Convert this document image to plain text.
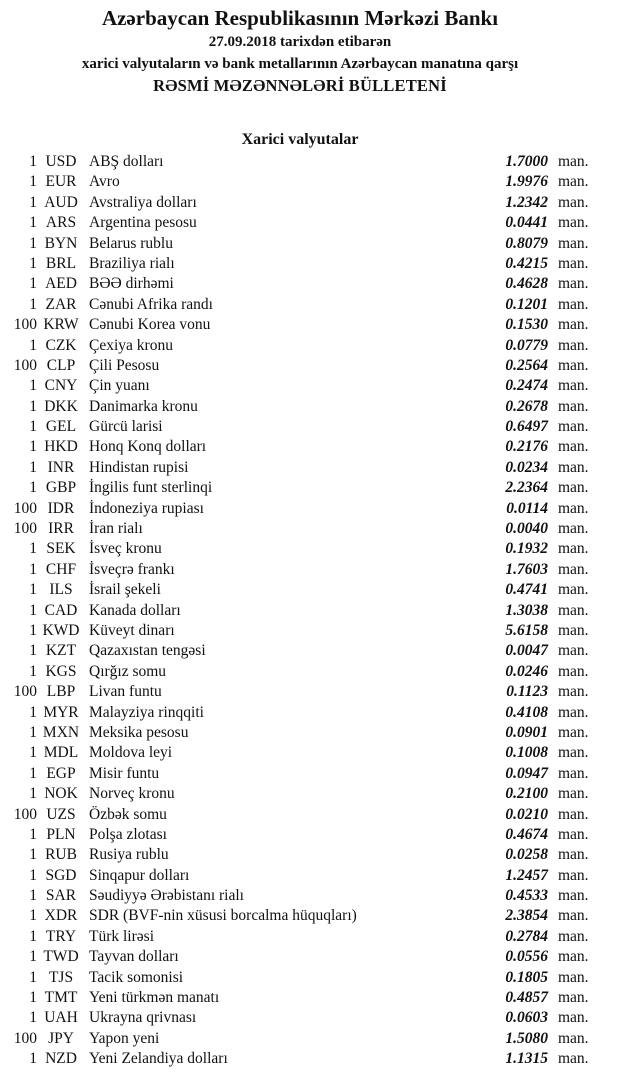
Azərbaycan Respublikasının Mərkəzi Bankı
27.09.2018 tarixdən etibarən
xarici valyutaların və bank metallarının Azərbaycan manatına qarşı
RƏSMİ MƏZƏNNƏLƏRİ BÜLLETENİ
Xarici valyutalar
1 USD ABŞ dolları	1.7000 man.
1 EUR Avro	1.9976 man.
1 AUD Avstraliya dolları	1.2342 man.
1 ARS Argentina pesosu	0.0441 man.
1 BYN Belarus rublu	0.8079 man.
1 BRL Braziliya rialı	0.4215 man.
1 AED BƏƏ dirhəmi	0.4628 man.
1 ZAR Cənubi Afrika randı	0.1201 man.
100 KRW Cənubi Korea vonu	0.1530 man.
1 CZK Çexiya kronu	0.0779 man.
100 CLP Çili Pesosu	0.2564 man.
1 CNY Çin yuanı	0.2474 man.
1 DKK Danimarka kronu	0.2678 man.
1 GEL Gürcü larisi	0.6497 man.
1 HKD Honq Konq dolları	0.2176 man.
1 INR Hindistan rupisi	0.0234 man.
1 GBP İngilis funt sterlinqi	2.2364 man.
100 IDR İndoneziya rupiası	0.0114 man.
100 IRR İran rialı	0.0040 man.
1 SEK İsveç kronu	0.1932 man.
1 CHF İsveçrə frankı	1.7603 man.
1 ILS	İsrail şekeli	0.4741 man.
1 CAD Kanada dolları	1.3038 man.
1 KWD Küveyt dinarı	5.6158 man.
1 KZT Qazaxıstan tengəsi	0.0047 man.
1 KGS Qırğız somu	0.0246 man.
100 LBP Livan funtu	0.1123 man.
1 MYR Malayziya rinqqiti	0.4108 man.
1 MXN Meksika pesosu	0.0901 man.
1 MDL Moldova leyi	0.1008 man.
1 EGP Misir funtu	0.0947 man.
1 NOK Norveç kronu	0.2100 man.
100 UZS Özbək somu	0.0210 man.
1 PLN Polşa zlotası	0.4674 man.
1 RUB Rusiya rublu	0.0258 man.
1 SGD Sinqapur dolları	1.2457 man.
1 SAR Səudiyyə Ərəbistanı rialı	0.4533 man.
1 XDR SDR (BVF-nin xüsusi borcalma hüquqları)	2.3854 man.
1 TRY Türk lirəsi	0.2784 man.
1 TWD Tayvan dolları	0.0556 man.
1 TJS	Tacik somonisi	0.1805 man.
1 TMT Yeni türkmən manatı	0.4857 man.
1 UAH Ukrayna qrivnası	0.0603 man.
100 JPY Yapon yeni	1.5080 man.
1 NZD Yeni Zelandiya dolları	1.1315 man.
